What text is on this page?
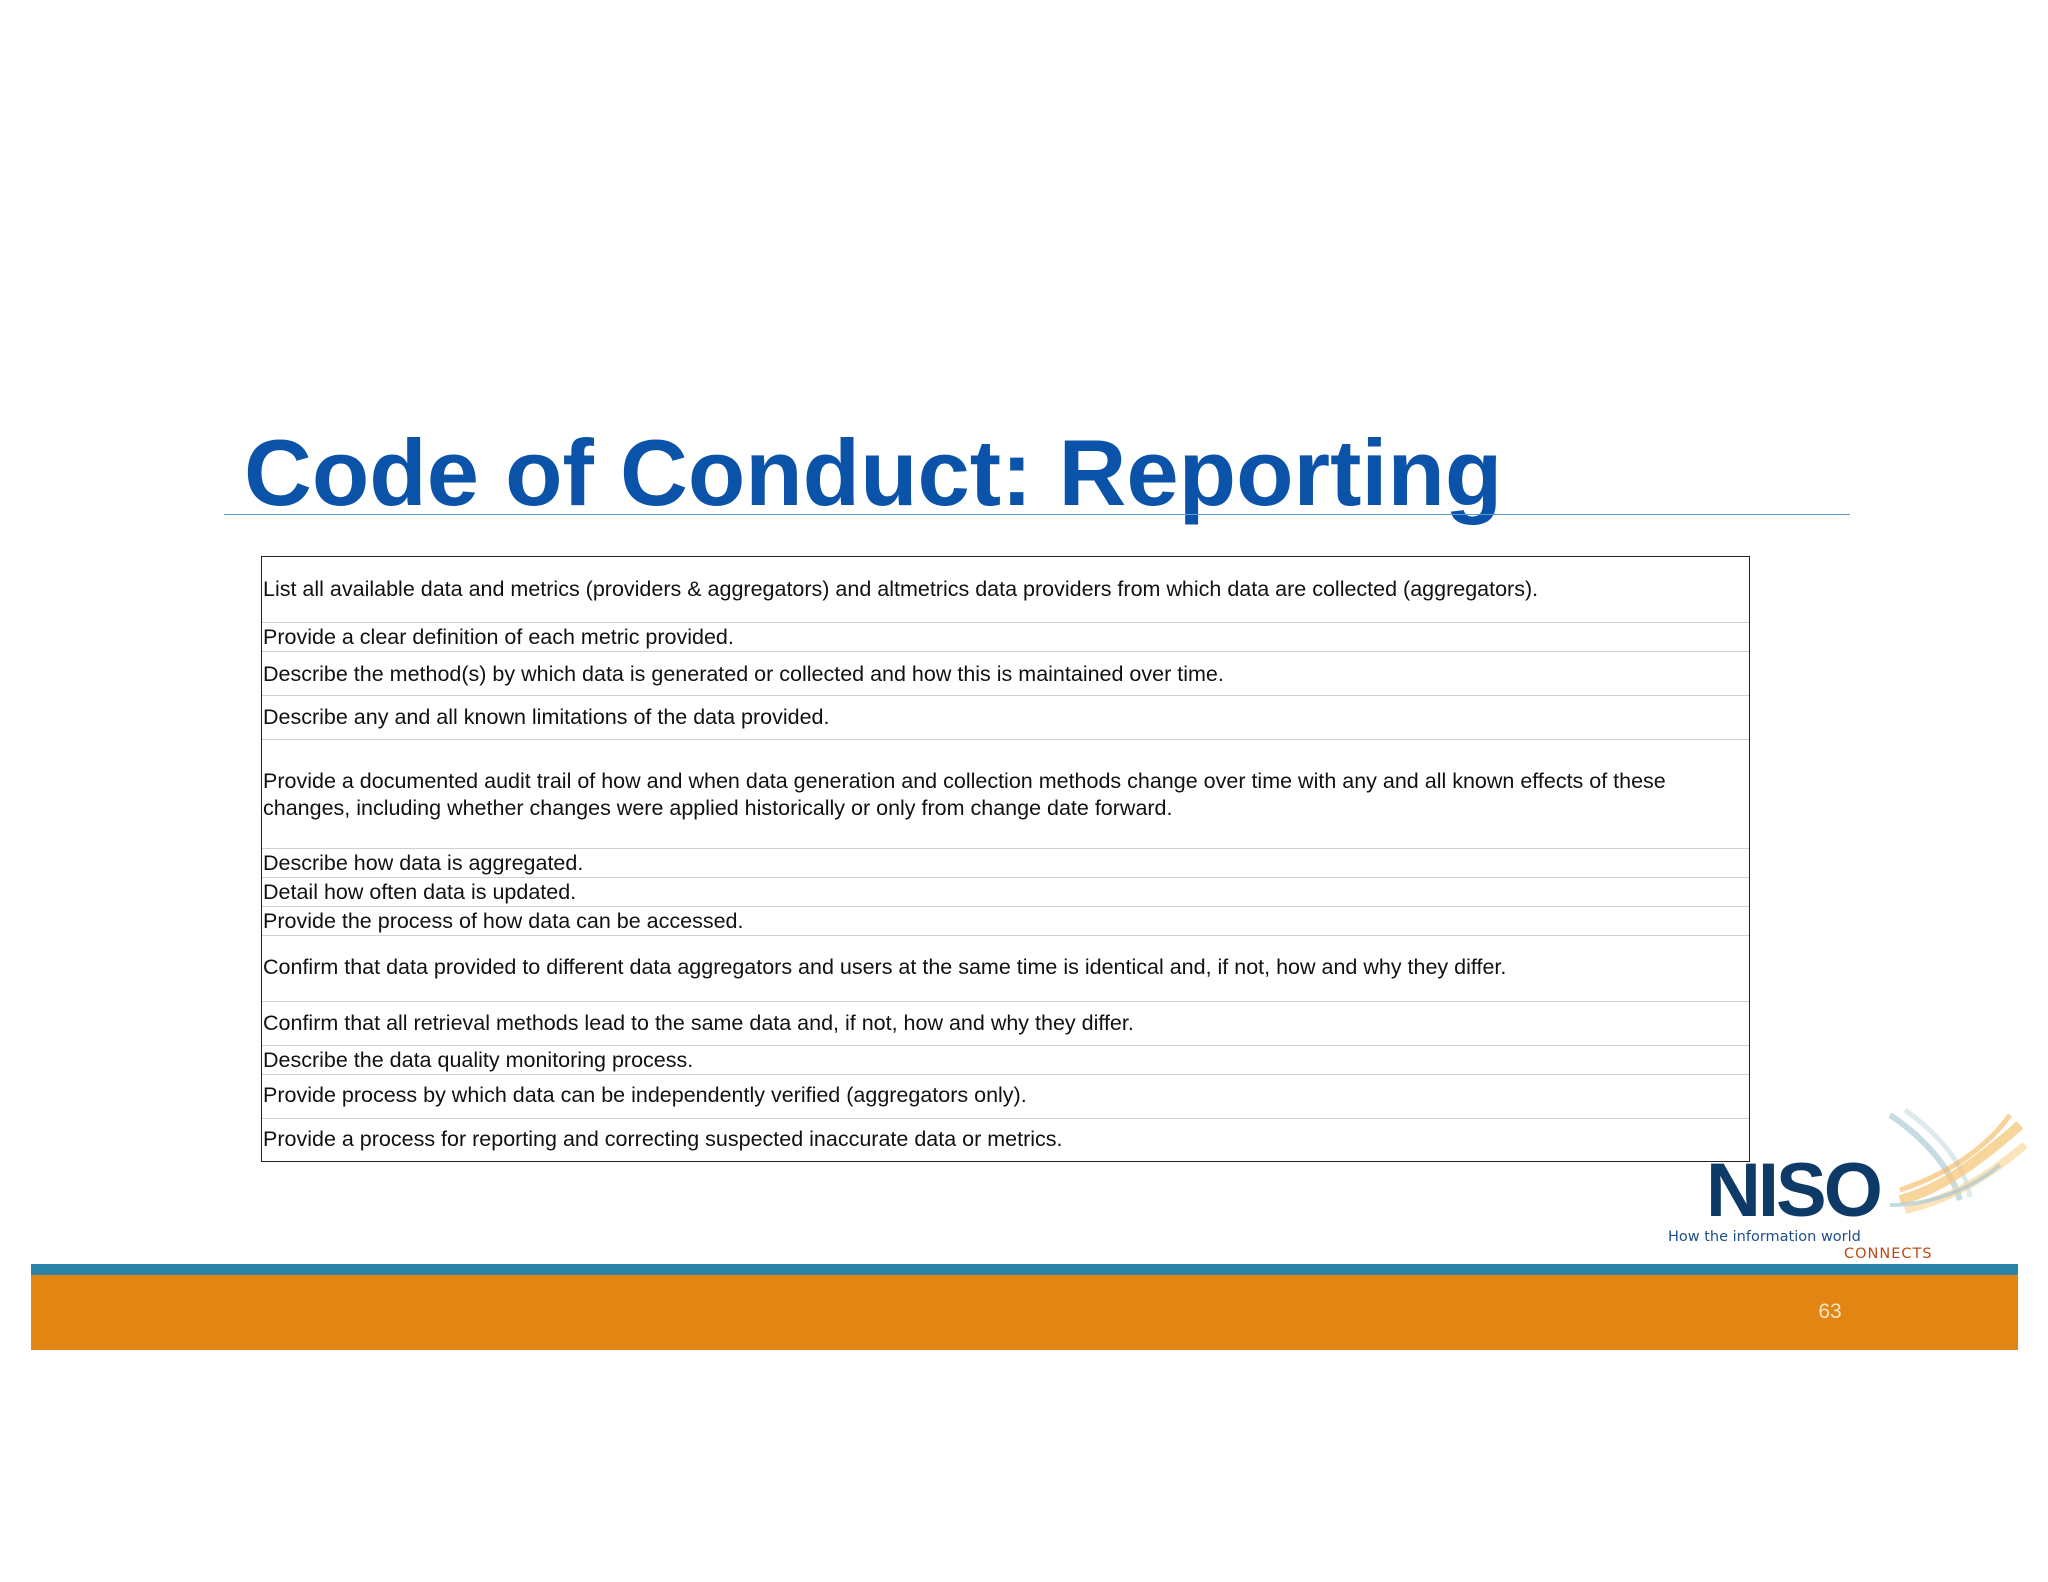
Code of Conduct: Reporting
List all available data and metrics (providers & aggregators) and altmetrics data providers from which data are collected (aggregators).
Provide a clear definition of each metric provided.
Describe the method(s) by which data is generated or collected and how this is maintained over time.
Describe any and all known limitations of the data provided.
Provide a documented audit trail of how and when data generation and collection methods change over time with any and all known effects of these changes, including whether changes were applied historically or only from change date forward.
Describe how data is aggregated.
Detail how often data is updated.
Provide the process of how data can be accessed.
Confirm that data provided to different data aggregators and users at the same time is identical and, if not, how and why they differ.
Confirm that all retrieval methods lead to the same data and, if not, how and why they differ.
Describe the data quality monitoring process.
Provide process by which data can be independently verified (aggregators only).
Provide a process for reporting and correcting suspected inaccurate data or metrics.
NISO
How the information world
CONNECTS
63
